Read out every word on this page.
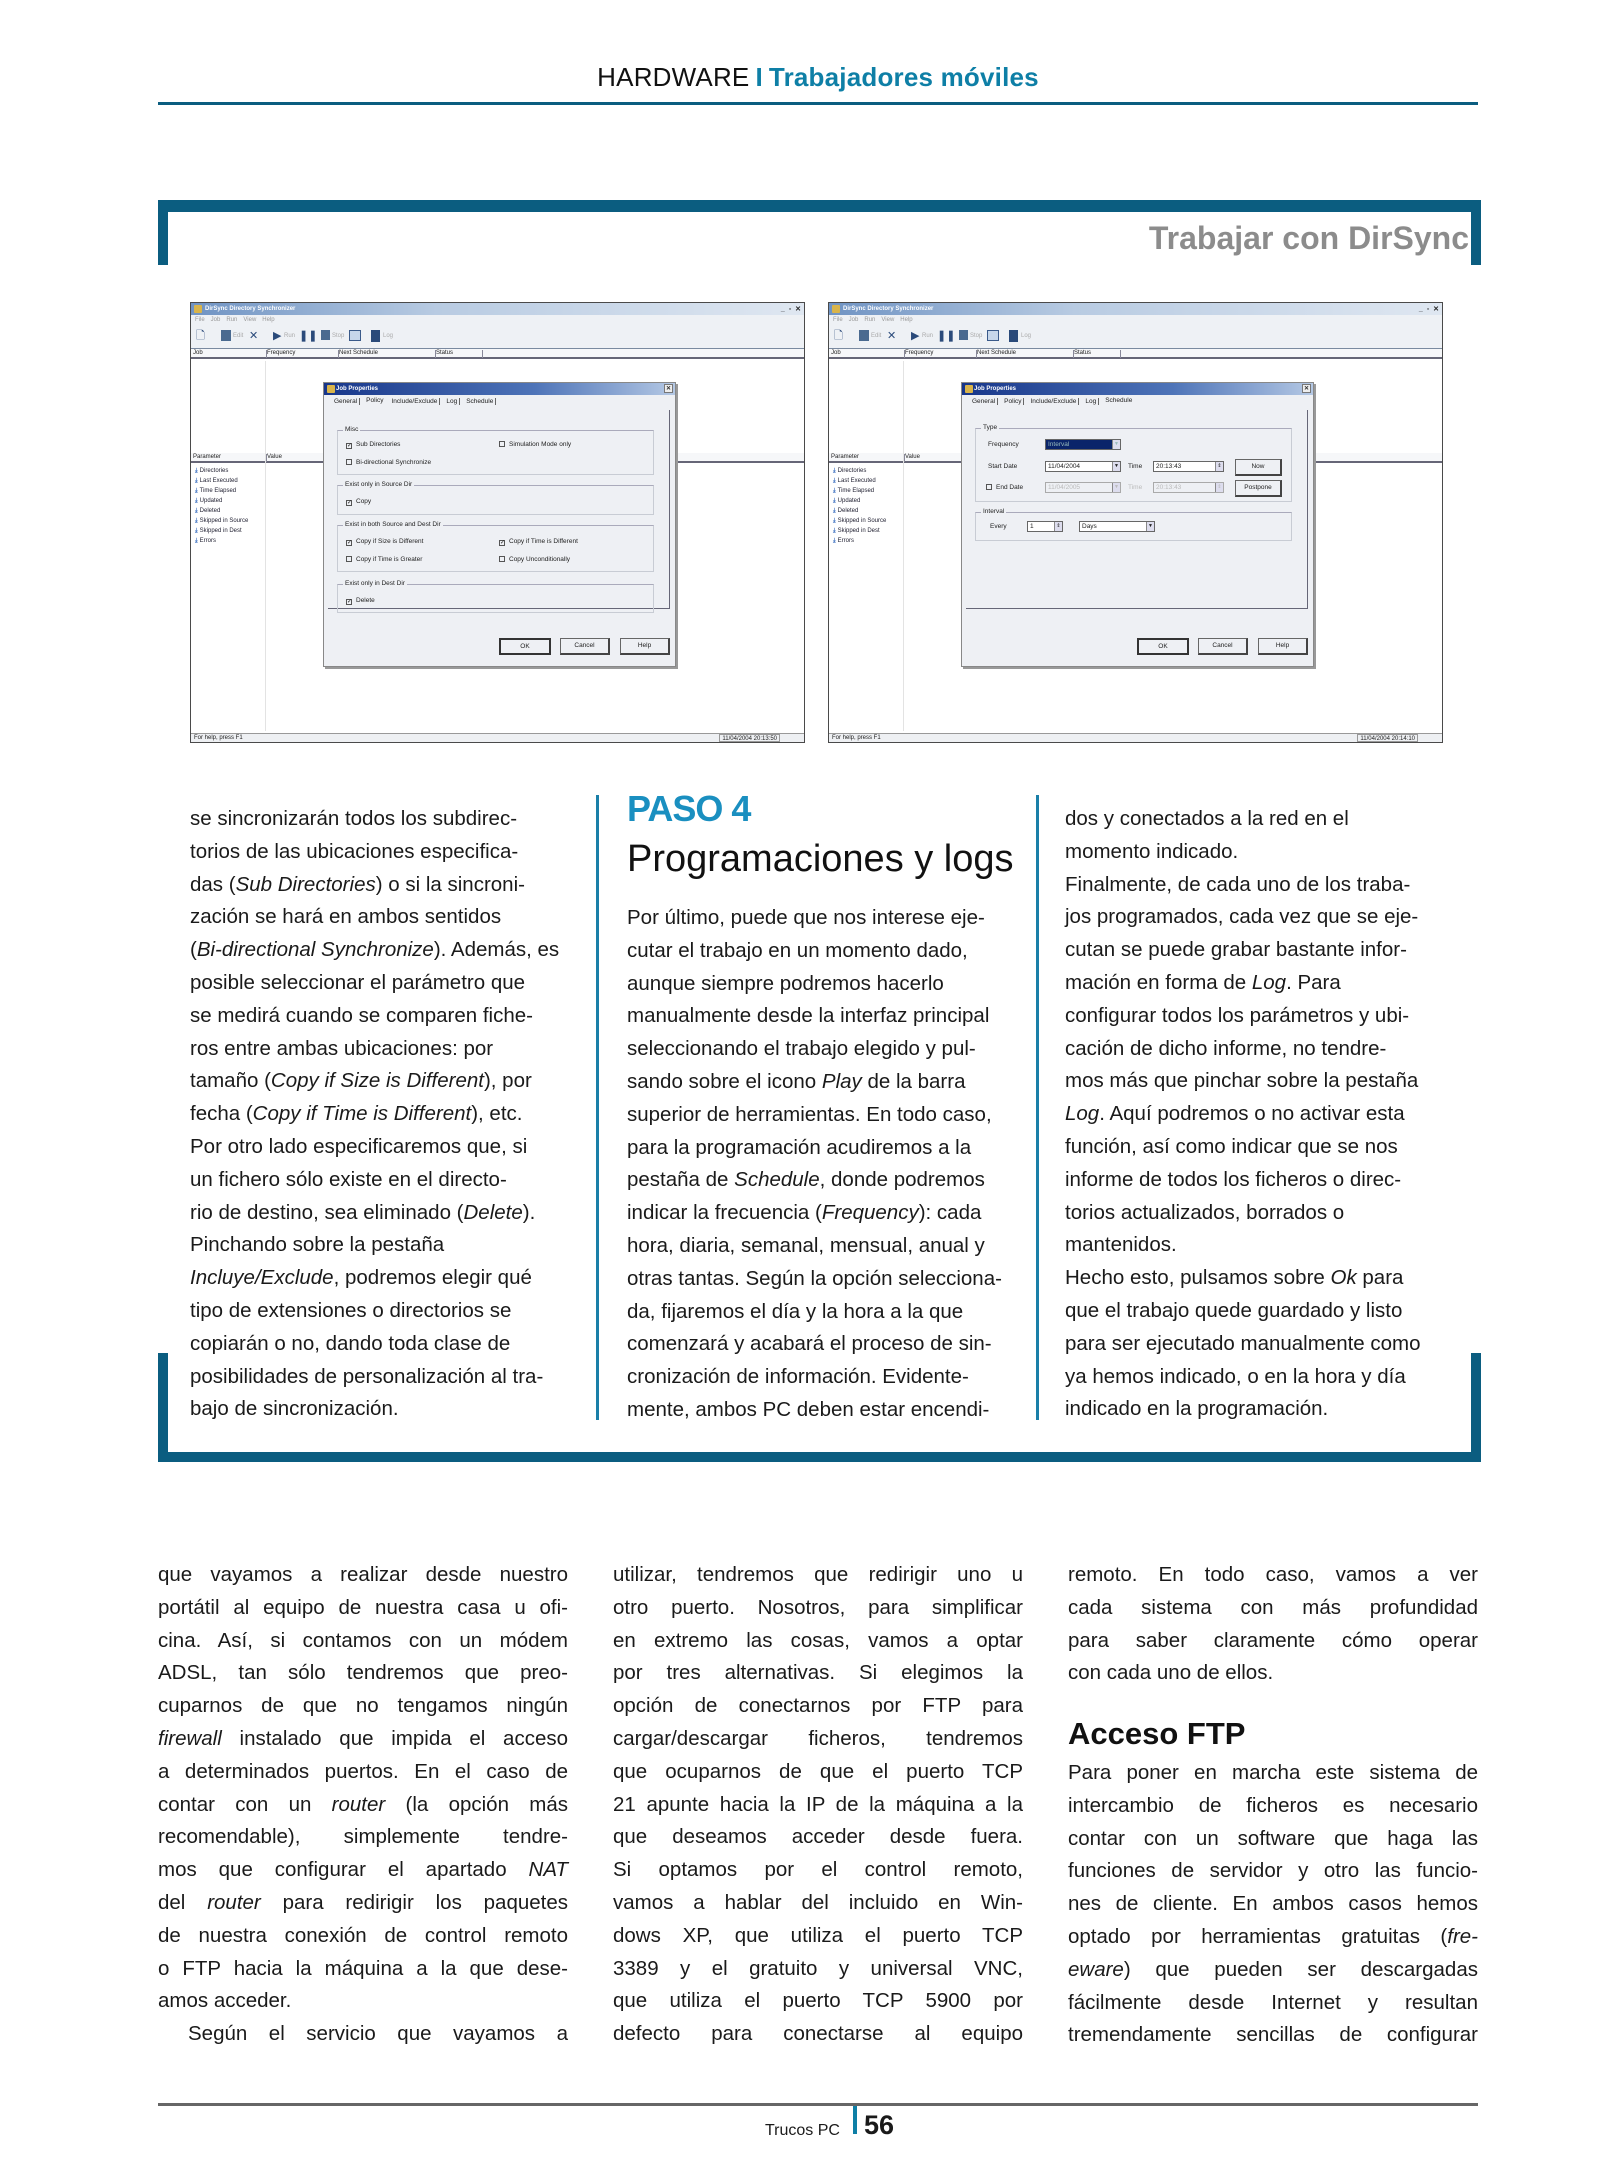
HARDWARE I Trabajadores móviles
Trabajar con DirSync
DirSync Directory Synchronizer	_ ▫ ✕
File Job Run View Help
🗋	Edit ✕ ▶ Run ❚❚ Stop	Log
Job	Frequency	Next Schedule	Status
Parameter	Value
⤓ Directories
⤓ Last Executed
⤓ Time Elapsed
⤓ Updated
⤓ Deleted
⤓ Skipped in Source
⤓ Skipped in Dest
⤓ Errors
For help, press F1	11/04/2004 20:13:50
Job Properties	✕
General Policy Include/Exclude Log Schedule
Misc
Exist only in Source Dir
Exist in both Source and Dest Dir
Exist only in Dest Dir
✓ Sub Directories	Simulation Mode only
Bi-directional Synchronize
✓ Copy
✓ Copy if Size is Different	✓ Copy if Time is Different
Copy if Time is Greater	Copy Unconditionally
✓ Delete
OK	Cancel	Help
DirSync Directory Synchronizer	_ ▫ ✕
File Job Run View Help
🗋	Edit ✕ ▶ Run ❚❚ Stop	Log
Job	Frequency	Next Schedule	Status
Parameter	Value
⤓ Directories
⤓ Last Executed
⤓ Time Elapsed
⤓ Updated
⤓ Deleted
⤓ Skipped in Source
⤓ Skipped in Dest
⤓ Errors
For help, press F1	11/04/2004 20:14:10
Job Properties	✕
General Policy Include/Exclude Log Schedule
Type
Interval
Frequency	Interval	▼
Start Date	11/04/2004	▼ Time	20:13:43	⇕	Now
End Date	11/04/2005	▼ Time	20:13:43	⇕	Postpone
Every	1	⇕	Days	▼
OK	Cancel	Help
se sincronizarán todos los subdirec-
torios de las ubicaciones especifica-
das (Sub Directories) o si la sincroni-
zación se hará en ambos sentidos
(Bi-directional Synchronize). Además, es
posible seleccionar el parámetro que
se medirá cuando se comparen fiche-
ros entre ambas ubicaciones: por
tamaño (Copy if Size is Different), por
fecha (Copy if Time is Different), etc.
Por otro lado especificaremos que, si
un fichero sólo existe en el directo-
rio de destino, sea eliminado (Delete).
Pinchando sobre la pestaña
Incluye/Exclude, podremos elegir qué
tipo de extensiones o directorios se
copiarán o no, dando toda clase de
posibilidades de personalización al tra-
bajo de sincronización.
PASO 4
Programaciones y logs
Por último, puede que nos interese eje-
cutar el trabajo en un momento dado,
aunque siempre podremos hacerlo
manualmente desde la interfaz principal
seleccionando el trabajo elegido y pul-
sando sobre el icono Play de la barra
superior de herramientas. En todo caso,
para la programación acudiremos a la
pestaña de Schedule, donde podremos
indicar la frecuencia (Frequency): cada
hora, diaria, semanal, mensual, anual y
otras tantas. Según la opción selecciona-
da, fijaremos el día y la hora a la que
comenzará y acabará el proceso de sin-
cronización de información. Evidente-
mente, ambos PC deben estar encendi-
dos y conectados a la red en el
momento indicado.
Finalmente, de cada uno de los traba-
jos programados, cada vez que se eje-
cutan se puede grabar bastante infor-
mación en forma de Log. Para
configurar todos los parámetros y ubi-
cación de dicho informe, no tendre-
mos más que pinchar sobre la pestaña
Log. Aquí podremos o no activar esta
función, así como indicar que se nos
informe de todos los ficheros o direc-
torios actualizados, borrados o
mantenidos.
Hecho esto, pulsamos sobre Ok para
que el trabajo quede guardado y listo
para ser ejecutado manualmente como
ya hemos indicado, o en la hora y día
indicado en la programación.
que vayamos a realizar desde nuestro
portátil al equipo de nuestra casa u ofi-
cina. Así, si contamos con un módem
ADSL, tan sólo tendremos que preo-
cuparnos de que no tengamos ningún
firewall instalado que impida el acceso
a determinados puertos. En el caso de
contar con un router (la opción más
recomendable), simplemente tendre-
mos que configurar el apartado NAT
del router para redirigir los paquetes
de nuestra conexión de control remoto
o FTP hacia la máquina a la que dese-
amos acceder.
Según el servicio que vayamos a
utilizar, tendremos que redirigir uno u
otro puerto. Nosotros, para simplificar
en extremo las cosas, vamos a optar
por tres alternativas. Si elegimos la
opción de conectarnos por FTP para
cargar/descargar ficheros, tendremos
que ocuparnos de que el puerto TCP
21 apunte hacia la IP de la máquina a la
que deseamos acceder desde fuera.
Si optamos por el control remoto,
vamos a hablar del incluido en Win-
dows XP, que utiliza el puerto TCP
3389 y el gratuito y universal VNC,
que utiliza el puerto TCP 5900 por
defecto para conectarse al equipo
remoto. En todo caso, vamos a ver
cada sistema con más profundidad
para saber claramente cómo operar
con cada uno de ellos.
Acceso FTP
Para poner en marcha este sistema de
intercambio de ficheros es necesario
contar con un software que haga las
funciones de servidor y otro las funcio-
nes de cliente. En ambos casos hemos
optado por herramientas gratuitas (fre-
eware) que pueden ser descargadas
fácilmente desde Internet y resultan
tremendamente sencillas de configurar
Trucos PC 56
